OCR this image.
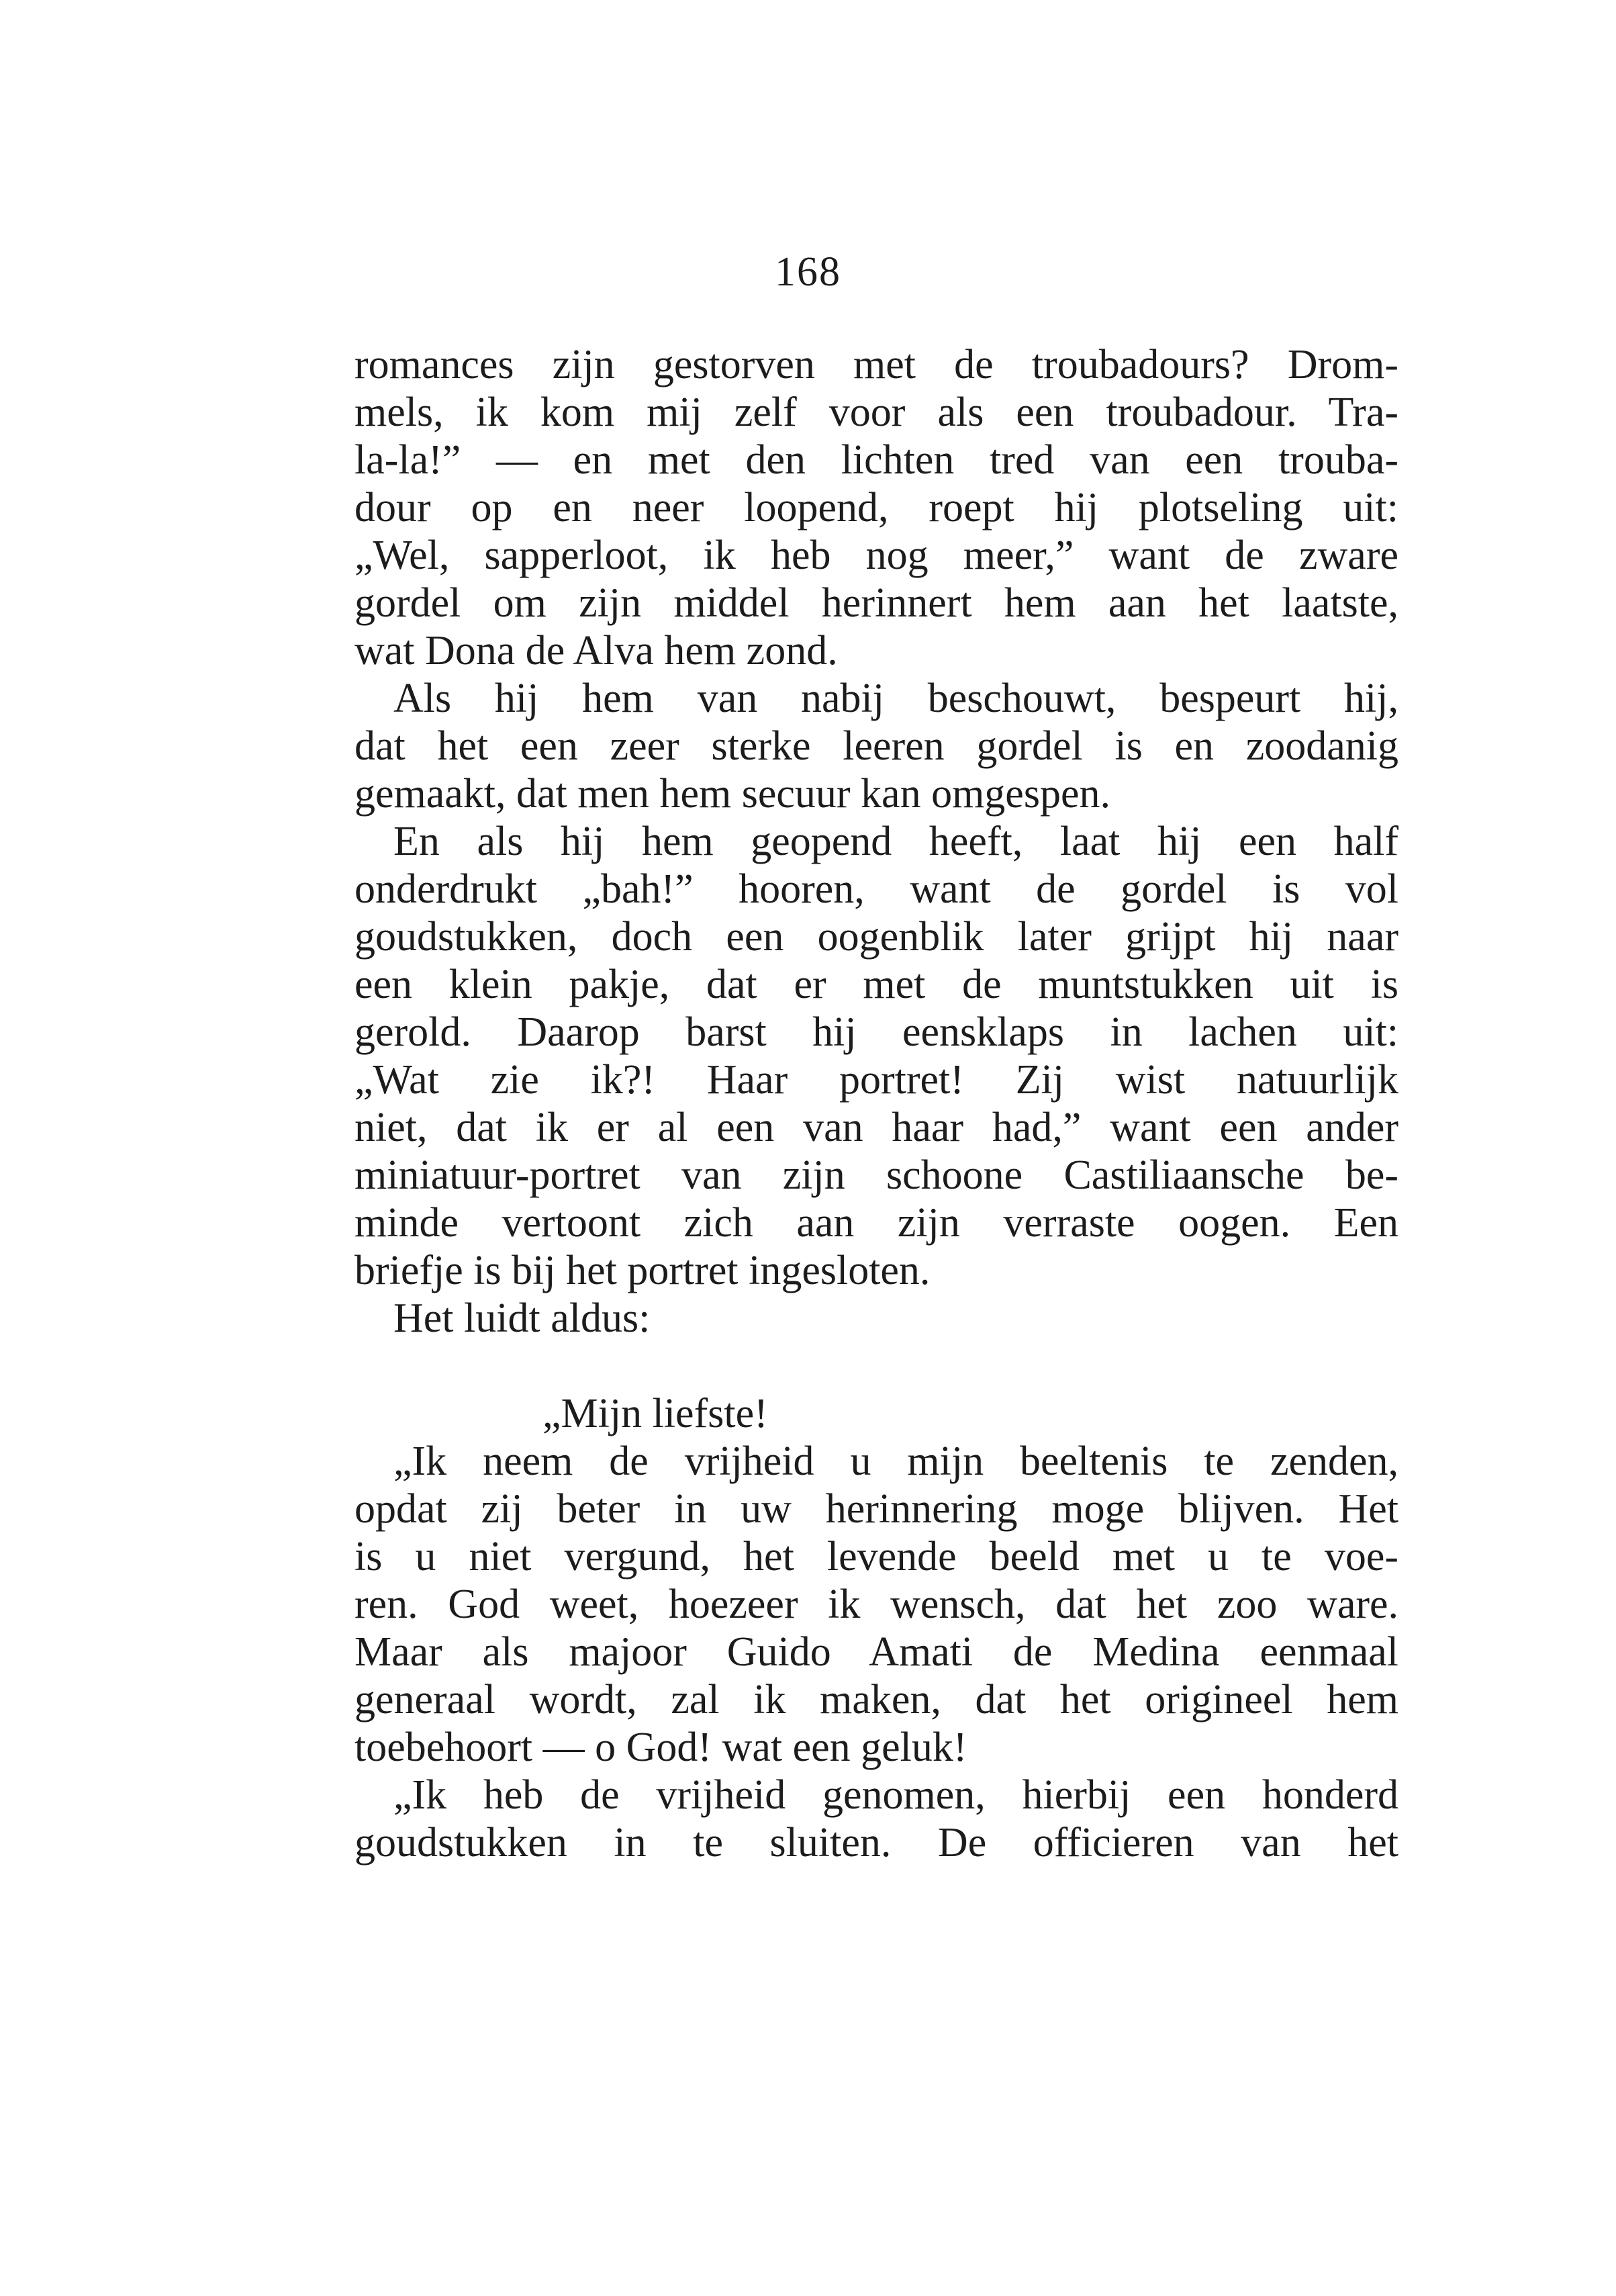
168
romances zijn gestorven met de troubadours? Drom-
mels, ik kom mij zelf voor als een troubadour. Tra-
la-la!” — en met den lichten tred van een trouba-
dour op en neer loopend, roept hij plotseling uit:
„Wel, sapperloot, ik heb nog meer,” want de zware
gordel om zijn middel herinnert hem aan het laatste,
wat Dona de Alva hem zond.
Als hij hem van nabij beschouwt, bespeurt hij,
dat het een zeer sterke leeren gordel is en zoodanig
gemaakt, dat men hem secuur kan omgespen.
En als hij hem geopend heeft, laat hij een half
onderdrukt „bah!” hooren, want de gordel is vol
goudstukken, doch een oogenblik later grijpt hij naar
een klein pakje, dat er met de muntstukken uit is
gerold. Daarop barst hij eensklaps in lachen uit:
„Wat zie ik?! Haar portret! Zij wist natuurlijk
niet, dat ik er al een van haar had,” want een ander
miniatuur-portret van zijn schoone Castiliaansche be-
minde vertoont zich aan zijn verraste oogen. Een
briefje is bij het portret ingesloten.
Het luidt aldus:
„Mijn liefste!
„Ik neem de vrijheid u mijn beeltenis te zenden,
opdat zij beter in uw herinnering moge blijven. Het
is u niet vergund, het levende beeld met u te voe-
ren. God weet, hoezeer ik wensch, dat het zoo ware.
Maar als majoor Guido Amati de Medina eenmaal
generaal wordt, zal ik maken, dat het origineel hem
toebehoort — o God! wat een geluk!
„Ik heb de vrijheid genomen, hierbij een honderd
goudstukken in te sluiten. De officieren van het
